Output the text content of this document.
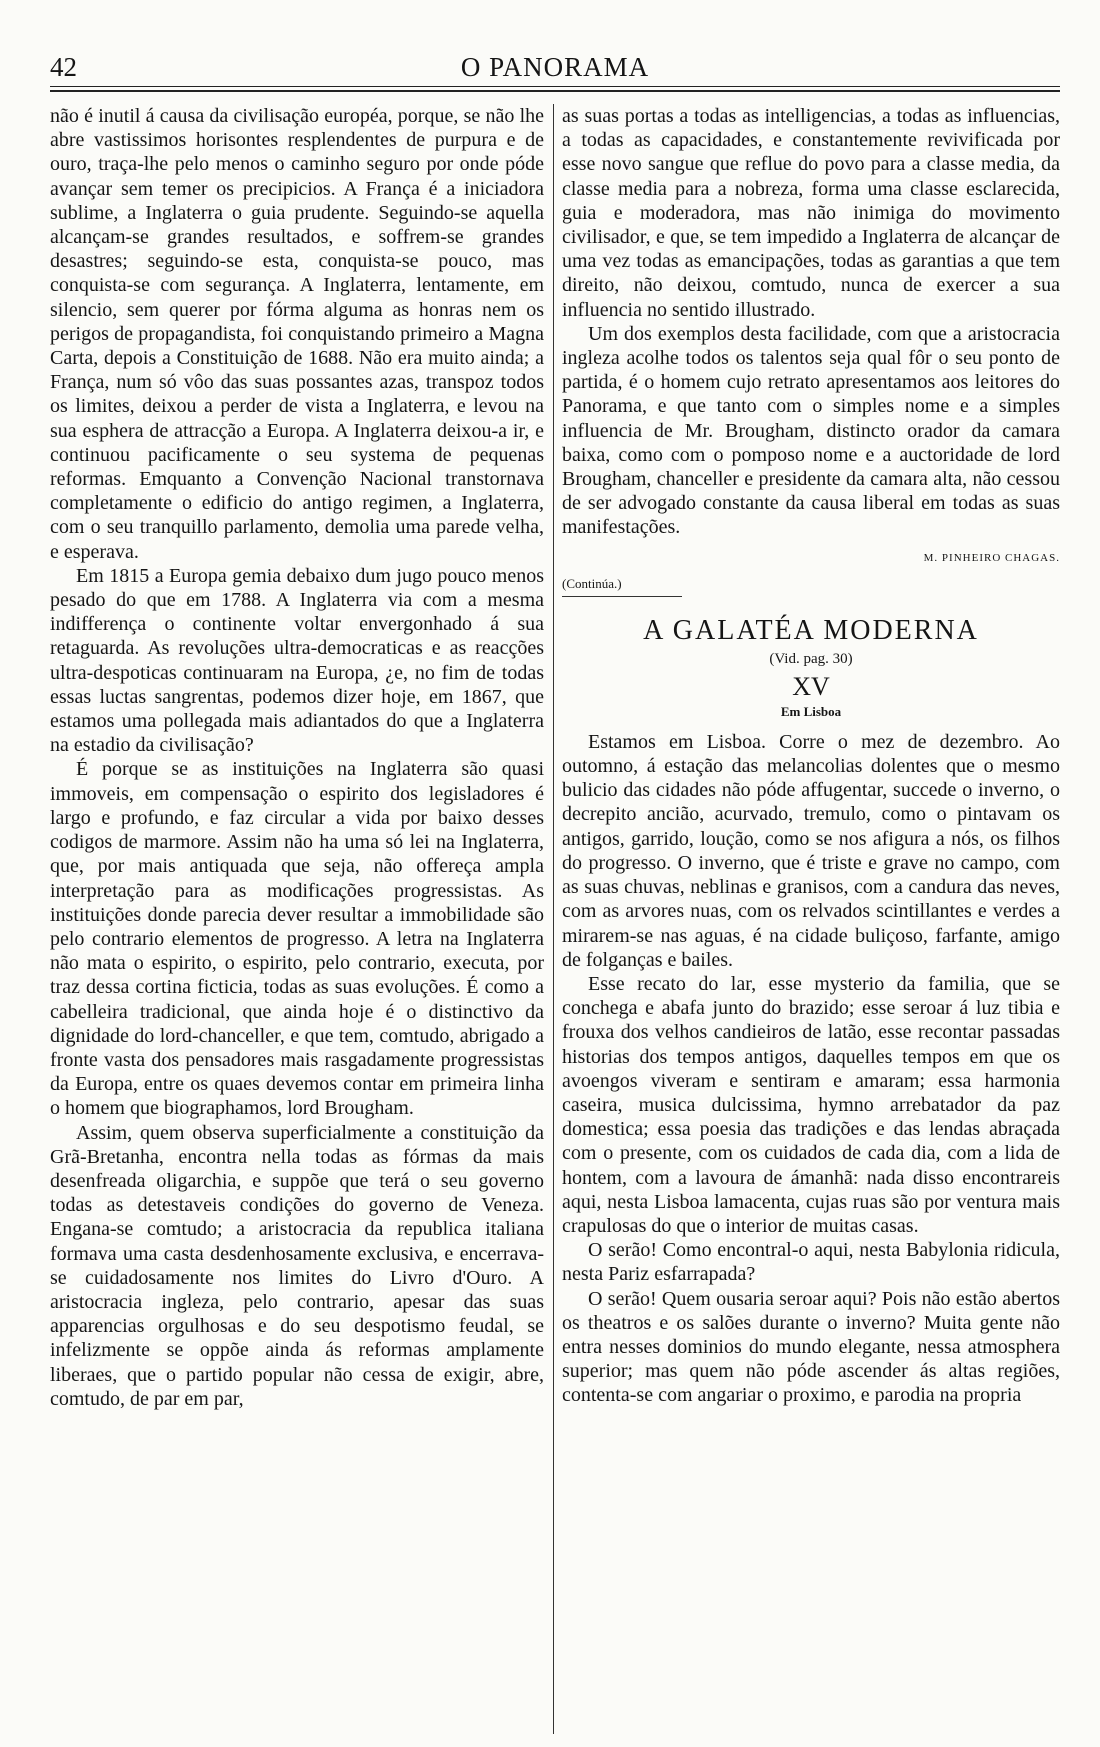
42	O PANORAMA

não é inutil á causa da civilisação européa, porque, se não lhe abre vastissimos horisontes resplendentes de purpura e de ouro, traça-lhe pelo menos o caminho seguro por onde póde avançar sem temer os precipicios. A França é a iniciadora sublime, a Inglaterra o guia prudente. Seguindo-se aquella alcançam-se grandes resultados, e soffrem-se grandes desastres; seguindo-se esta, conquista-se pouco, mas conquista-se com segurança. A Inglaterra, lentamente, em silencio, sem querer por fórma alguma as honras nem os perigos de propagandista, foi conquistando primeiro a Magna Carta, depois a Constituição de 1688. Não era muito ainda; a França, num só vôo das suas possantes azas, transpoz todos os limites, deixou a perder de vista a Inglaterra, e levou na sua esphera de attracção a Europa. A Inglaterra deixou-a ir, e continuou pacificamente o seu systema de pequenas reformas. Emquanto a Convenção Nacional transtornava completamente o edificio do antigo regimen, a Inglaterra, com o seu tranquillo parlamento, demolia uma parede velha, e esperava.

Em 1815 a Europa gemia debaixo dum jugo pouco menos pesado do que em 1788. A Inglaterra via com a mesma indifferença o continente voltar envergonhado á sua retaguarda. As revoluções ultra-democraticas e as reacções ultra-despoticas continuaram na Europa, ¿e, no fim de todas essas luctas sangrentas, podemos dizer hoje, em 1867, que estamos uma pollegada mais adiantados do que a Inglaterra na estadio da civilisação?

É porque se as instituições na Inglaterra são quasi immoveis, em compensação o espirito dos legisladores é largo e profundo, e faz circular a vida por baixo desses codigos de marmore. Assim não ha uma só lei na Inglaterra, que, por mais antiquada que seja, não offereça ampla interpretação para as modificações progressistas. As instituições donde parecia dever resultar a immobilidade são pelo contrario elementos de progresso. A letra na Inglaterra não mata o espirito, o espirito, pelo contrario, executa, por traz dessa cortina ficticia, todas as suas evoluções. É como a cabelleira tradicional, que ainda hoje é o distinctivo da dignidade do lord-chanceller, e que tem, comtudo, abrigado a fronte vasta dos pensadores mais rasgadamente progressistas da Europa, entre os quaes devemos contar em primeira linha o homem que biographamos, lord Brougham.

Assim, quem observa superficialmente a constituição da Grã-Bretanha, encontra nella todas as fórmas da mais desenfreada oligarchia, e suppõe que terá o seu governo todas as detestaveis condições do governo de Veneza. Engana-se comtudo; a aristocracia da republica italiana formava uma casta desdenhosamente exclusiva, e encerrava-se cuidadosamente nos limites do Livro d'Ouro. A aristocracia ingleza, pelo contrario, apesar das suas apparencias orgulhosas e do seu despotismo feudal, se infelizmente se oppõe ainda ás reformas amplamente liberaes, que o partido popular não cessa de exigir, abre, comtudo, de par em par,

as suas portas a todas as intelligencias, a todas as influencias, a todas as capacidades, e constantemente revivificada por esse novo sangue que reflue do povo para a classe media, da classe media para a nobreza, forma uma classe esclarecida, guia e moderadora, mas não inimiga do movimento civilisador, e que, se tem impedido a Inglaterra de alcançar de uma vez todas as emancipações, todas as garantias a que tem direito, não deixou, comtudo, nunca de exercer a sua influencia no sentido illustrado.

Um dos exemplos desta facilidade, com que a aristocracia ingleza acolhe todos os talentos seja qual fôr o seu ponto de partida, é o homem cujo retrato apresentamos aos leitores do Panorama, e que tanto com o simples nome e a simples influencia de Mr. Brougham, distincto orador da camara baixa, como com o pomposo nome e a auctoridade de lord Brougham, chanceller e presidente da camara alta, não cessou de ser advogado constante da causa liberal em todas as suas manifestações.

M. PINHEIRO CHAGAS.
(Continúa.)
A GALATÉA MODERNA
(Vid. pag. 30)
XV
Em Lisboa

Estamos em Lisboa. Corre o mez de dezembro. Ao outomno, á estação das melancolias dolentes que o mesmo bulicio das cidades não póde affugentar, succede o inverno, o decrepito ancião, acurvado, tremulo, como o pintavam os antigos, garrido, loução, como se nos afigura a nós, os filhos do progresso. O inverno, que é triste e grave no campo, com as suas chuvas, neblinas e granisos, com a candura das neves, com as arvores nuas, com os relvados scintillantes e verdes a mirarem-se nas aguas, é na cidade buliçoso, farfante, amigo de folganças e bailes.

Esse recato do lar, esse mysterio da familia, que se conchega e abafa junto do brazido; esse seroar á luz tibia e frouxa dos velhos candieiros de latão, esse recontar passadas historias dos tempos antigos, daquelles tempos em que os avoengos viveram e sentiram e amaram; essa harmonia caseira, musica dulcissima, hymno arrebatador da paz domestica; essa poesia das tradições e das lendas abraçada com o presente, com os cuidados de cada dia, com a lida de hontem, com a lavoura de ámanhã: nada disso encontrareis aqui, nesta Lisboa lamacenta, cujas ruas são por ventura mais crapulosas do que o interior de muitas casas.

O serão! Como encontral-o aqui, nesta Babylonia ridicula, nesta Pariz esfarrapada?

O serão! Quem ousaria seroar aqui? Pois não estão abertos os theatros e os salões durante o inverno? Muita gente não entra nesses dominios do mundo elegante, nessa atmosphera superior; mas quem não póde ascender ás altas regiões, contenta-se com angariar o proximo, e parodia na propria
